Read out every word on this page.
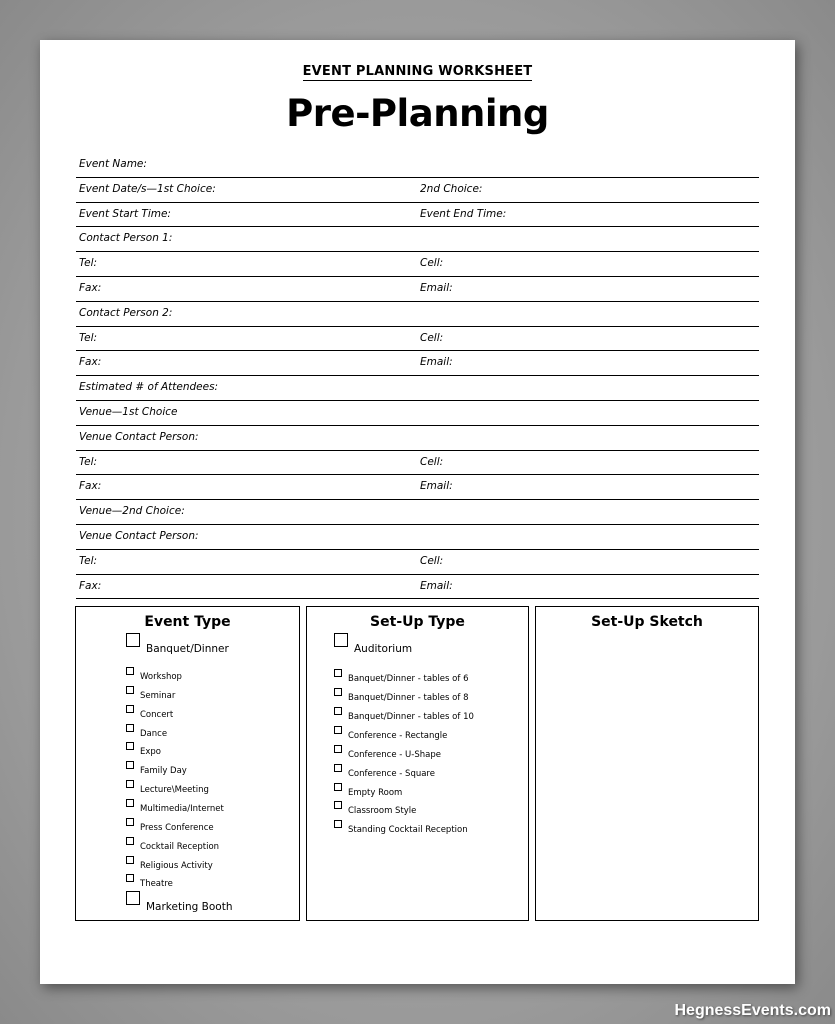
EVENT PLANNING WORKSHEET
Pre-Planning
Event Name:
Event Date/s—1st Choice:	2nd Choice:
Event Start Time:	Event End Time:
Contact Person 1:
Tel:	Cell:
Fax:	Email:
Contact Person 2:
Tel:	Cell:
Fax:	Email:
Estimated # of Attendees:
Venue—1st Choice
Venue Contact Person:
Tel:	Cell:
Fax:	Email:
Venue—2nd Choice:
Venue Contact Person:
Tel:	Cell:
Fax:	Email:
Event Type
Banquet/Dinner
Workshop
Seminar
Concert
Dance
Expo
Family Day
Lecture\Meeting
Multimedia/Internet
Press Conference
Cocktail Reception
Religious Activity
Theatre
Marketing Booth
Set-Up Type
Auditorium
Banquet/Dinner - tables of 6
Banquet/Dinner - tables of 8
Banquet/Dinner - tables of 10
Conference - Rectangle
Conference - U-Shape
Conference - Square
Empty Room
Classroom Style
Standing Cocktail Reception
Set-Up Sketch
HegnessEvents.com
